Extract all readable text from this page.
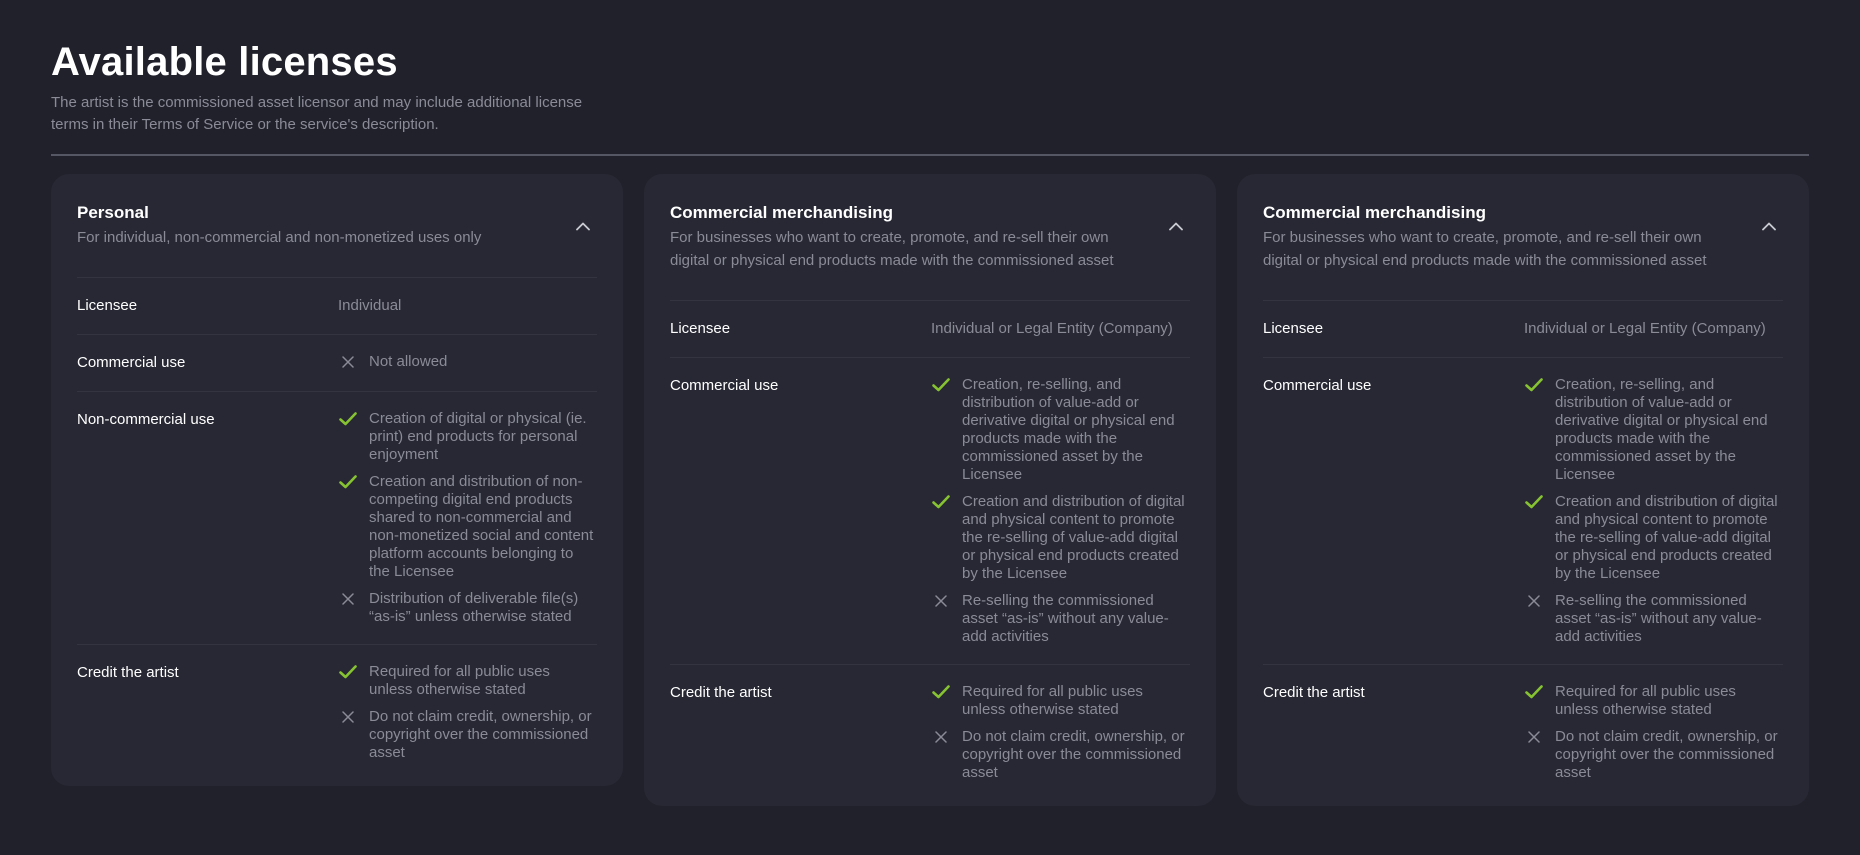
Available licenses

The artist is the commissioned asset licensor and may include additional license terms in their Terms of Service or the service's description.

Personal

For individual, non-commercial and non-monetized uses only

Licensee	Individual
Commercial use	Not allowed
Non-commercial use	Creation of digital or physical (ie. print) end products for personal enjoyment
Creation and distribution of non-competing digital end products shared to non-commercial and non-monetized social and content platform accounts belonging to the Licensee
Distribution of deliverable file(s) “as-is” unless otherwise stated
Credit the artist	Required for all public uses unless otherwise stated
Do not claim credit, ownership, or copyright over the commissioned asset
Commercial merchandising

For businesses who want to create, promote, and re-sell their own digital or physical end products made with the commissioned asset

Licensee	Individual or Legal Entity (Company)
Commercial use	Creation, re-selling, and distribution of value-add or derivative digital or physical end products made with the commissioned asset by the Licensee
Creation and distribution of digital and physical content to promote the re-selling of value-add digital or physical end products created by the Licensee
Re-selling the commissioned asset “as-is” without any value-add activities
Credit the artist	Required for all public uses unless otherwise stated
Do not claim credit, ownership, or copyright over the commissioned asset
Commercial merchandising

For businesses who want to create, promote, and re-sell their own digital or physical end products made with the commissioned asset

Licensee	Individual or Legal Entity (Company)
Commercial use	Creation, re-selling, and distribution of value-add or derivative digital or physical end products made with the commissioned asset by the Licensee
Creation and distribution of digital and physical content to promote the re-selling of value-add digital or physical end products created by the Licensee
Re-selling the commissioned asset “as-is” without any value-add activities
Credit the artist	Required for all public uses unless otherwise stated
Do not claim credit, ownership, or copyright over the commissioned asset
